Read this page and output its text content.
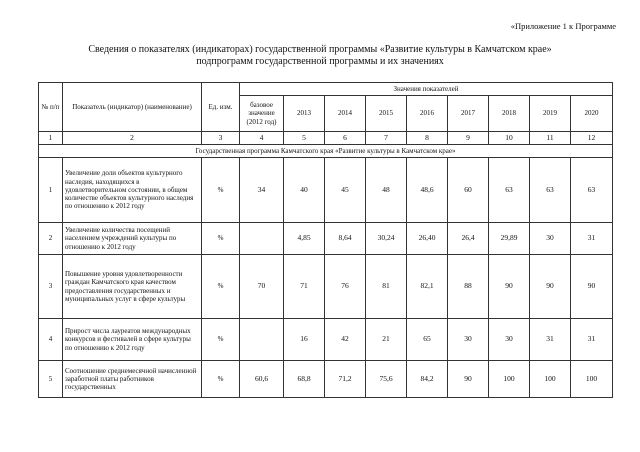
«Приложение 1 к Программе
Сведения о показателях (индикаторах) государственной программы «Развитие культуры в Камчатском крае»
подпрограмм государственной программы и их значениях
№ п/п	Показатель (индикатор) (наименование)	Ед. изм.	Значения показателей								
			базовое значение (2012 год)	2013	2014	2015	2016	2017	2018	2019	2020
1	2	3	4	5	6	7	8	9	10	11	12
Государственная программа Камчатского края «Развитие культуры в Камчатском крае»											
1	Увеличение доли объектов культурного наследия, находящихся в удовлетворительном состоянии, в общем количестве объектов культурного наследия по отношению к 2012 году	%	34	40	45	48	48,6	60	63	63	63
2	Увеличение количества посещений населением учреждений культуры по отношению к 2012 году	%		4,85	8,64	30,24	26,40	26,4	29,89	30	31
3	Повышение уровня удовлетворенности граждан Камчатского края качеством предоставления государственных и муниципальных услуг в сфере культуры	%	70	71	76	81	82,1	88	90	90	90
4	Прирост числа лауреатов международных конкурсов и фестивалей в сфере культуры по отношению к 2012 году	%		16	42	21	65	30	30	31	31
5	Соотношение среднемесячной начисленной заработной платы работников государственных	%	60,6	68,8	71,2	75,6	84,2	90	100	100	100
